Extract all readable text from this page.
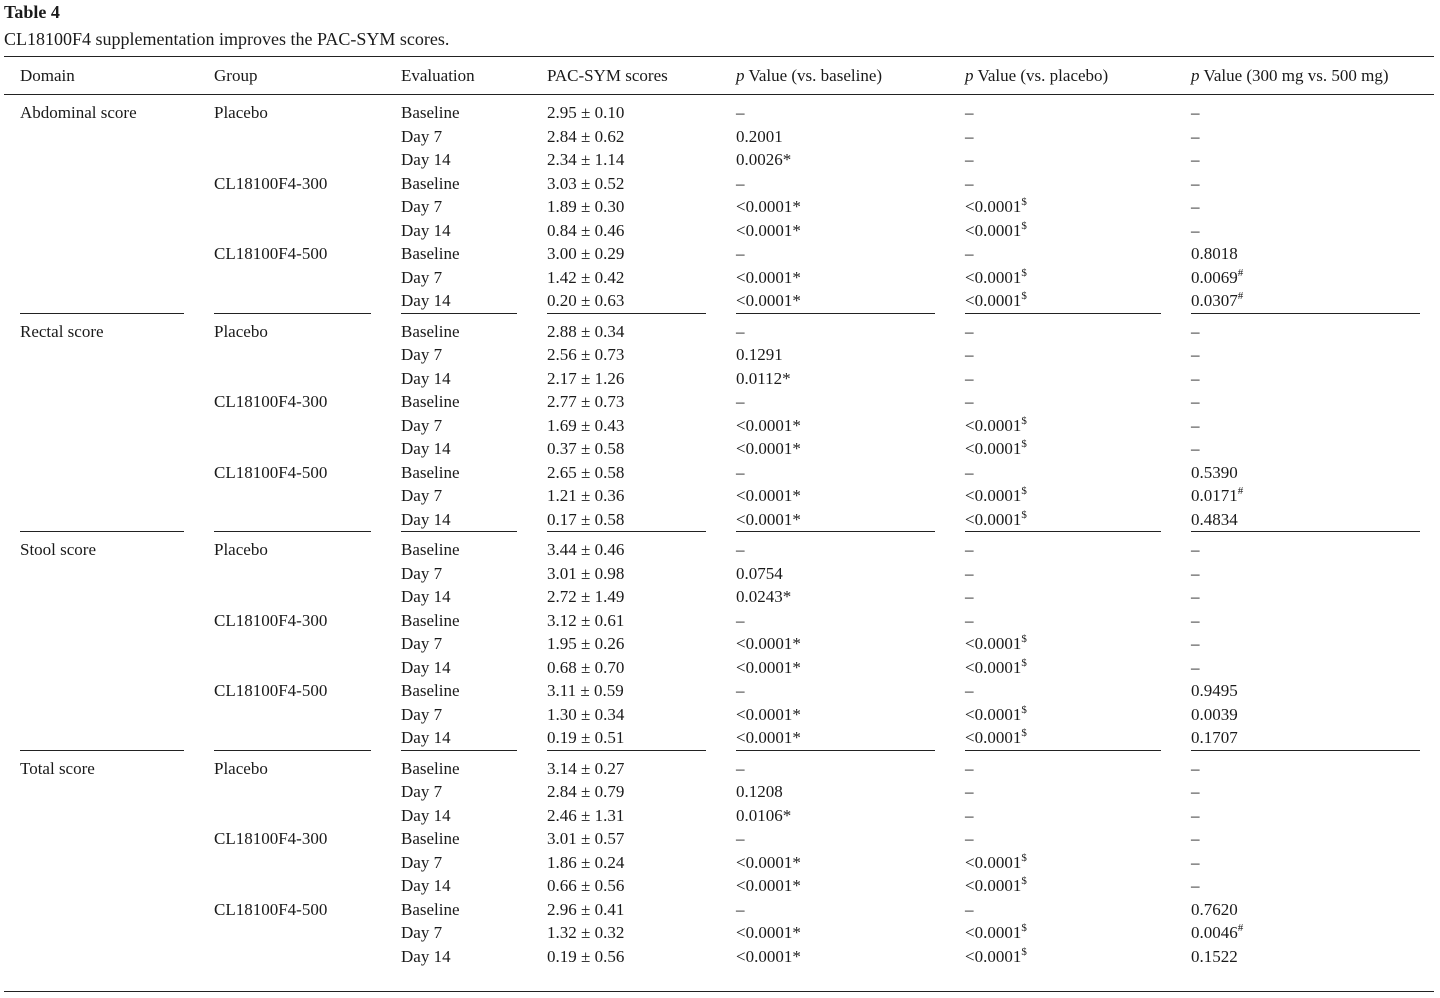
Table 4
CL18100F4 supplementation improves the PAC-SYM scores.
Domain	Group	Evaluation	PAC-SYM scores	p Value (vs. baseline)	p Value (vs. placebo)	p Value (300 mg vs. 500 mg)
Abdominal score	Placebo	Baseline	2.95 ± 0.10	–	–	–
		Day 7	2.84 ± 0.62	0.2001	–	–
		Day 14	2.34 ± 1.14	0.0026*	–	–
	CL18100F4-300	Baseline	3.03 ± 0.52	–	–	–
		Day 7	1.89 ± 0.30	<0.0001*	<0.0001$	–
		Day 14	0.84 ± 0.46	<0.0001*	<0.0001$	–
	CL18100F4-500	Baseline	3.00 ± 0.29	–	–	0.8018
		Day 7	1.42 ± 0.42	<0.0001*	<0.0001$	0.0069#

		Day 14	0.20 ± 0.63	<0.0001*	<0.0001$	0.0307#

Rectal score	Placebo	Baseline	2.88 ± 0.34	–	–	–
		Day 7	2.56 ± 0.73	0.1291	–	–
		Day 14	2.17 ± 1.26	0.0112*	–	–
	CL18100F4-300	Baseline	2.77 ± 0.73	–	–	–
		Day 7	1.69 ± 0.43	<0.0001*	<0.0001$	–
		Day 14	0.37 ± 0.58	<0.0001*	<0.0001$	–
	CL18100F4-500	Baseline	2.65 ± 0.58	–	–	0.5390
		Day 7	1.21 ± 0.36	<0.0001*	<0.0001$	0.0171#

		Day 14	0.17 ± 0.58	<0.0001*	<0.0001$	0.4834

Stool score	Placebo	Baseline	3.44 ± 0.46	–	–	–
		Day 7	3.01 ± 0.98	0.0754	–	–
		Day 14	2.72 ± 1.49	0.0243*	–	–
	CL18100F4-300	Baseline	3.12 ± 0.61	–	–	–
		Day 7	1.95 ± 0.26	<0.0001*	<0.0001$	–
		Day 14	0.68 ± 0.70	<0.0001*	<0.0001$	–
	CL18100F4-500	Baseline	3.11 ± 0.59	–	–	0.9495
		Day 7	1.30 ± 0.34	<0.0001*	<0.0001$	0.0039

		Day 14	0.19 ± 0.51	<0.0001*	<0.0001$	0.1707

Total score	Placebo	Baseline	3.14 ± 0.27	–	–	–
		Day 7	2.84 ± 0.79	0.1208	–	–
		Day 14	2.46 ± 1.31	0.0106*	–	–
	CL18100F4-300	Baseline	3.01 ± 0.57	–	–	–
		Day 7	1.86 ± 0.24	<0.0001*	<0.0001$	–
		Day 14	0.66 ± 0.56	<0.0001*	<0.0001$	–
	CL18100F4-500	Baseline	2.96 ± 0.41	–	–	0.7620
		Day 7	1.32 ± 0.32	<0.0001*	<0.0001$	0.0046#
		Day 14	0.19 ± 0.56	<0.0001*	<0.0001$	0.1522
